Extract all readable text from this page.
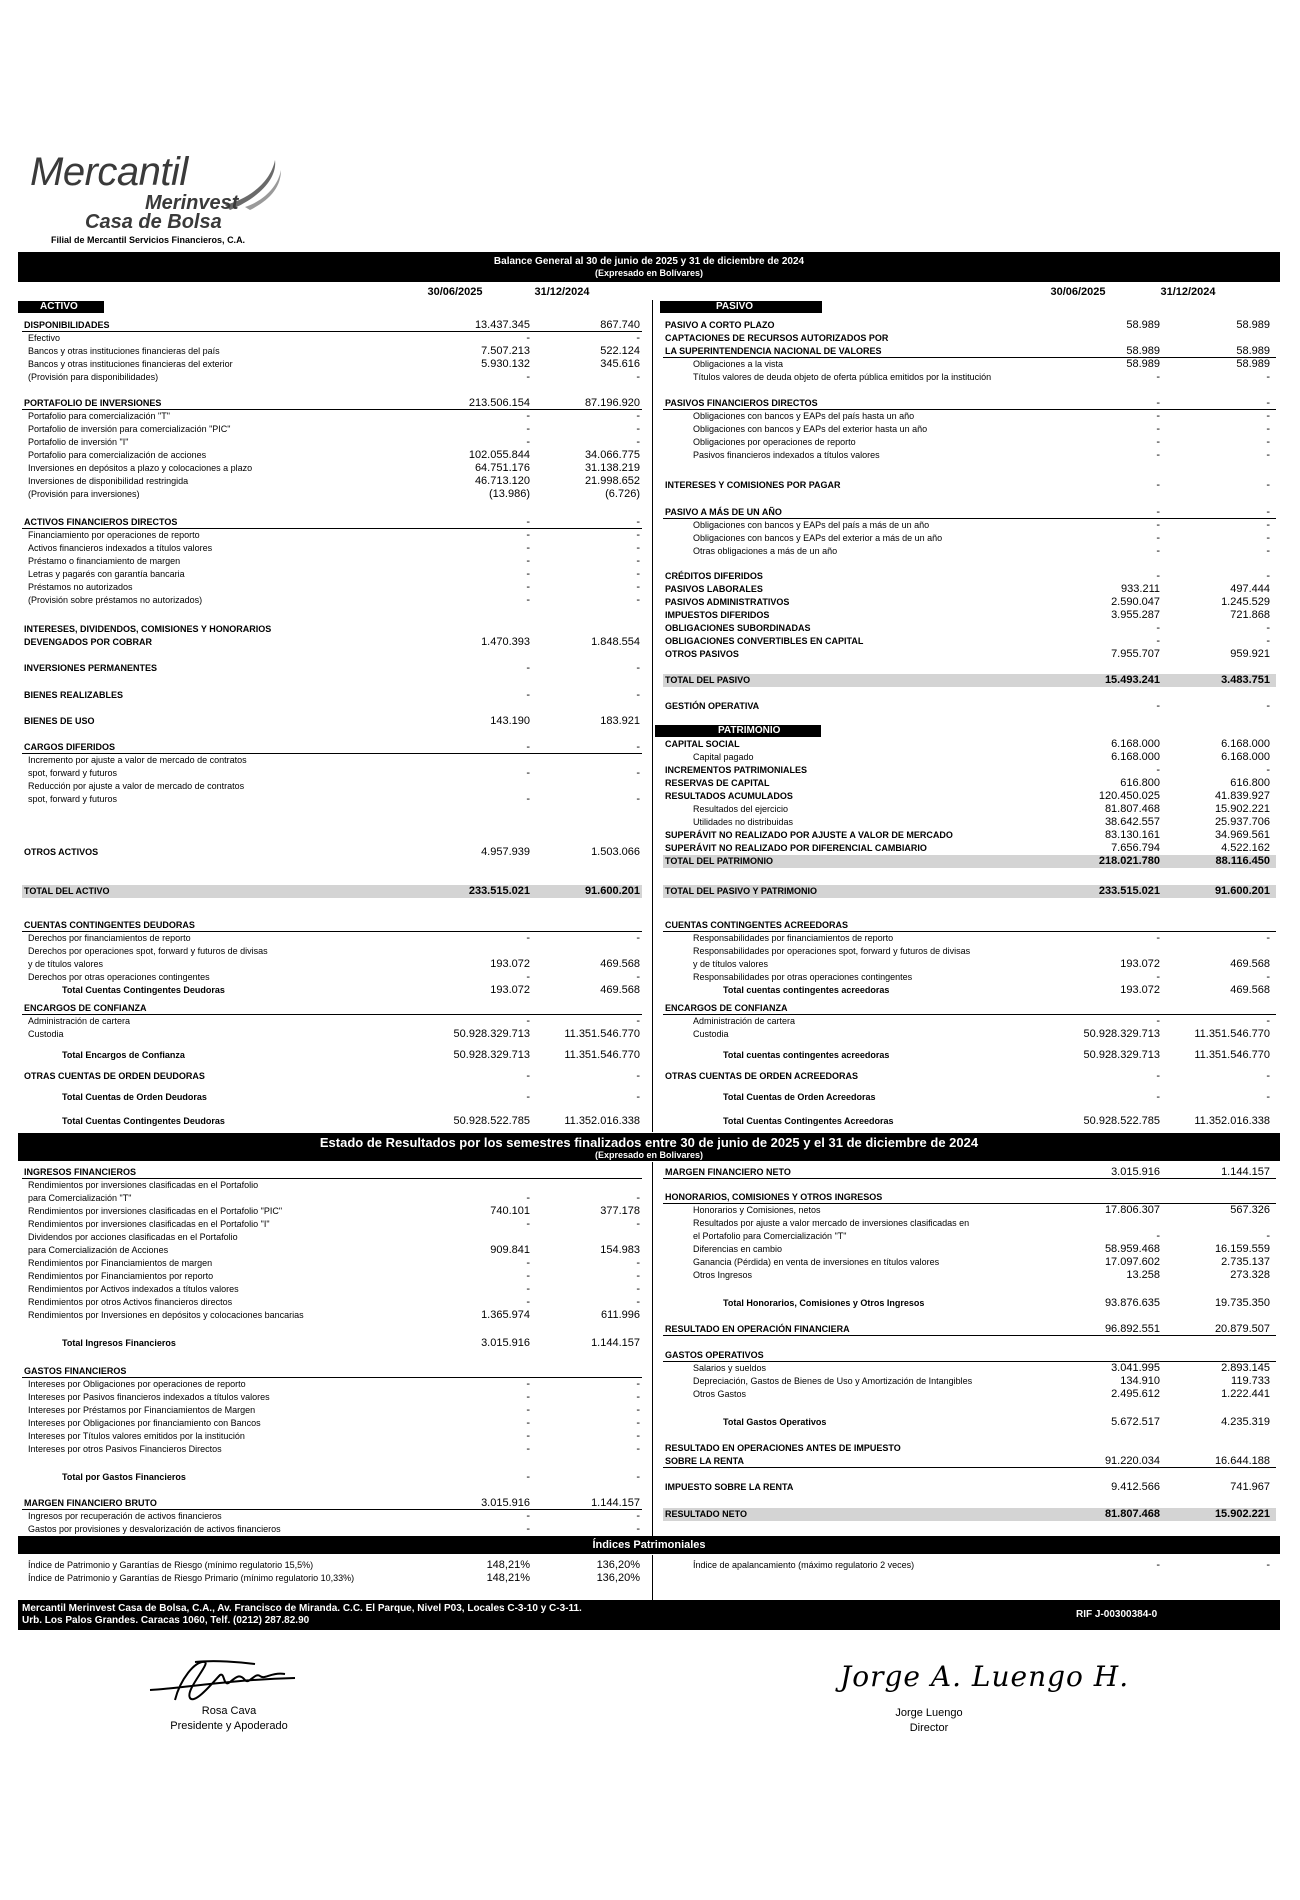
Mercantil
Merinvest
Casa de Bolsa
Filial de Mercantil Servicios Financieros, C.A.
Balance General al 30 de junio de 2025 y 31 de diciembre de 2024
(Expresado en Bolívares)
30/06/2025	31/12/2024	30/06/2025	31/12/2024
ACTIVO	PASIVO
PATRIMONIO
DISPONIBILIDADES	13.437.345	867.740
Efectivo	-	-
Bancos y otras instituciones financieras del país	7.507.213	522.124
Bancos y otras instituciones financieras del exterior	5.930.132	345.616
(Provisión para disponibilidades)	-	-
PORTAFOLIO DE INVERSIONES	213.506.154	87.196.920
Portafolio para comercialización "T"	-	-
Portafolio de inversión para comercialización "PIC"	-	-
Portafolio de inversión "I"	-	-
Portafolio para comercialización de acciones	102.055.844	34.066.775
Inversiones en depósitos a plazo y colocaciones a plazo	64.751.176	31.138.219
Inversiones de disponibilidad restringida	46.713.120	21.998.652
(Provisión para inversiones)	(13.986)	(6.726)
ACTIVOS FINANCIEROS DIRECTOS	-	-
Financiamiento por operaciones de reporto	-	-
Activos financieros indexados a títulos valores	-	-
Préstamo o financiamiento de margen	-	-
Letras y pagarés con garantía bancaria	-	-
Préstamos no autorizados	-	-
(Provisión sobre préstamos no autorizados)	-	-
INTERESES, DIVIDENDOS, COMISIONES Y HONORARIOS
DEVENGADOS POR COBRAR	1.470.393	1.848.554
INVERSIONES PERMANENTES	-	-
BIENES REALIZABLES	-	-
BIENES DE USO	143.190	183.921
CARGOS DIFERIDOS	-	-
Incremento por ajuste a valor de mercado de contratos
spot, forward y futuros	-	-
Reducción por ajuste a valor de mercado de contratos
spot, forward y futuros	-	-
OTROS ACTIVOS	4.957.939	1.503.066
TOTAL DEL ACTIVO	233.515.021	91.600.201
CUENTAS CONTINGENTES DEUDORAS
Derechos por financiamientos de reporto	-	-
Derechos por operaciones spot, forward y futuros de divisas
y de títulos valores	193.072	469.568
Derechos por otras operaciones contingentes	-	-
Total Cuentas Contingentes Deudoras	193.072	469.568
ENCARGOS DE CONFIANZA
Administración de cartera	-	-
Custodia	50.928.329.713	11.351.546.770
Total Encargos de Confianza	50.928.329.713	11.351.546.770
OTRAS CUENTAS DE ORDEN DEUDORAS	-	-
Total Cuentas de Orden Deudoras	-	-
Total Cuentas Contingentes Deudoras	50.928.522.785	11.352.016.338
PASIVO A CORTO PLAZO	58.989	58.989
CAPTACIONES DE RECURSOS AUTORIZADOS POR
LA SUPERINTENDENCIA NACIONAL DE VALORES	58.989	58.989
Obligaciones a la vista	58.989	58.989
Títulos valores de deuda objeto de oferta pública emitidos por la institución	-	-
PASIVOS FINANCIEROS DIRECTOS	-	-
Obligaciones con bancos y EAPs del país hasta un año	-	-
Obligaciones con bancos y EAPs del exterior hasta un año	-	-
Obligaciones por operaciones de reporto	-	-
Pasivos financieros indexados a títulos valores	-	-
INTERESES Y COMISIONES POR PAGAR	-	-
PASIVO A MÁS DE UN AÑO	-	-
Obligaciones con bancos y EAPs del país a más de un año	-	-
Obligaciones con bancos y EAPs del exterior a más de un año	-	-
Otras obligaciones a más de un año	-	-
CRÉDITOS DIFERIDOS	-	-
PASIVOS LABORALES	933.211	497.444
PASIVOS ADMINISTRATIVOS	2.590.047	1.245.529
IMPUESTOS DIFERIDOS	3.955.287	721.868
OBLIGACIONES SUBORDINADAS	-	-
OBLIGACIONES CONVERTIBLES EN CAPITAL	-	-
OTROS PASIVOS	7.955.707	959.921
TOTAL DEL PASIVO	15.493.241	3.483.751
GESTIÓN OPERATIVA	-	-
CAPITAL SOCIAL	6.168.000	6.168.000
Capital pagado	6.168.000	6.168.000
INCREMENTOS PATRIMONIALES	-	-
RESERVAS DE CAPITAL	616.800	616.800
RESULTADOS ACUMULADOS	120.450.025	41.839.927
Resultados del ejercicio	81.807.468	15.902.221
Utilidades no distribuidas	38.642.557	25.937.706
SUPERÁVIT NO REALIZADO POR AJUSTE A VALOR DE MERCADO	83.130.161	34.969.561
SUPERÁVIT NO REALIZADO POR DIFERENCIAL CAMBIARIO	7.656.794	4.522.162
TOTAL DEL PATRIMONIO	218.021.780	88.116.450
TOTAL DEL PASIVO Y PATRIMONIO	233.515.021	91.600.201
CUENTAS CONTINGENTES ACREEDORAS
Responsabilidades por financiamientos de reporto	-	-
Responsabilidades por operaciones spot, forward y futuros de divisas
y de títulos valores	193.072	469.568
Responsabilidades por otras operaciones contingentes	-	-
Total cuentas contingentes acreedoras	193.072	469.568
ENCARGOS DE CONFIANZA
Administración de cartera	-	-
Custodia	50.928.329.713	11.351.546.770
Total cuentas contingentes acreedoras	50.928.329.713	11.351.546.770
OTRAS CUENTAS DE ORDEN ACREEDORAS	-	-
Total Cuentas de Orden Acreedoras	-	-
Total Cuentas Contingentes Acreedoras	50.928.522.785	11.352.016.338
Estado de Resultados por los semestres finalizados entre 30 de junio de 2025 y el 31 de diciembre de 2024
(Expresado en Bolivares)
INGRESOS FINANCIEROS
Rendimientos por inversiones clasificadas en el Portafolio
para Comercialización "T"	-	-
Rendimientos por inversiones clasificadas en el Portafolio "PIC"	740.101	377.178
Rendimientos por inversiones clasificadas en el Portafolio "I"	-	-
Dividendos por acciones clasificadas en el Portafolio
para Comercialización de Acciones	909.841	154.983
Rendimientos por Financiamientos de margen	-	-
Rendimientos por Financiamientos por reporto	-	-
Rendimientos por Activos indexados a títulos valores	-	-
Rendimientos por otros Activos financieros directos	-	-
Rendimientos por Inversiones en depósitos y colocaciones bancarias	1.365.974	611.996
Total Ingresos Financieros	3.015.916	1.144.157
GASTOS FINANCIEROS
Intereses por Obligaciones por operaciones de reporto	-	-
Intereses por Pasivos financieros indexados a títulos valores	-	-
Intereses por Préstamos por Financiamientos de Margen	-	-
Intereses por Obligaciones por financiamiento con Bancos	-	-
Intereses por Títulos valores emitidos por la institución	-	-
Intereses por otros Pasivos Financieros Directos	-	-
Total por Gastos Financieros	-	-
MARGEN FINANCIERO BRUTO	3.015.916	1.144.157
Ingresos por recuperación de activos financieros	-	-
Gastos por provisiones y desvalorización de activos financieros	-	-
MARGEN FINANCIERO NETO	3.015.916	1.144.157
HONORARIOS, COMISIONES Y OTROS INGRESOS
Honorarios y Comisiones, netos	17.806.307	567.326
Resultados por ajuste a valor mercado de inversiones clasificadas en
el Portafolio para Comercialización "T"	-	-
Diferencias en cambio	58.959.468	16.159.559
Ganancia (Pérdida) en venta de inversiones en títulos valores	17.097.602	2.735.137
Otros Ingresos	13.258	273.328
Total Honorarios, Comisiones y Otros Ingresos	93.876.635	19.735.350
RESULTADO EN OPERACIÓN FINANCIERA	96.892.551	20.879.507
GASTOS OPERATIVOS
Salarios y sueldos	3.041.995	2.893.145
Depreciación, Gastos de Bienes de Uso y Amortización de Intangibles	134.910	119.733
Otros Gastos	2.495.612	1.222.441
Total Gastos Operativos	5.672.517	4.235.319
RESULTADO EN OPERACIONES ANTES DE IMPUESTO
SOBRE LA RENTA	91.220.034	16.644.188
IMPUESTO SOBRE LA RENTA	9.412.566	741.967
RESULTADO NETO	81.807.468	15.902.221
Índices Patrimoniales
Índice de Patrimonio y Garantías de Riesgo (mínimo regulatorio 15,5%)	148,21%	136,20%
Índice de Patrimonio y Garantías de Riesgo Primario (mínimo regulatorio 10,33%)	148,21%	136,20%
Índice de apalancamiento (máximo regulatorio 2 veces)	-	-
Mercantil Merinvest Casa de Bolsa, C.A., Av. Francisco de Miranda. C.C. El Parque, Nivel P03, Locales C-3-10 y C-3-11.
Urb. Los Palos Grandes. Caracas 1060, Telf. (0212) 287.82.90
RIF J-00300384-0
Rosa Cava
Presidente y Apoderado
Jorge A. Luengo H.
Jorge Luengo
Director
